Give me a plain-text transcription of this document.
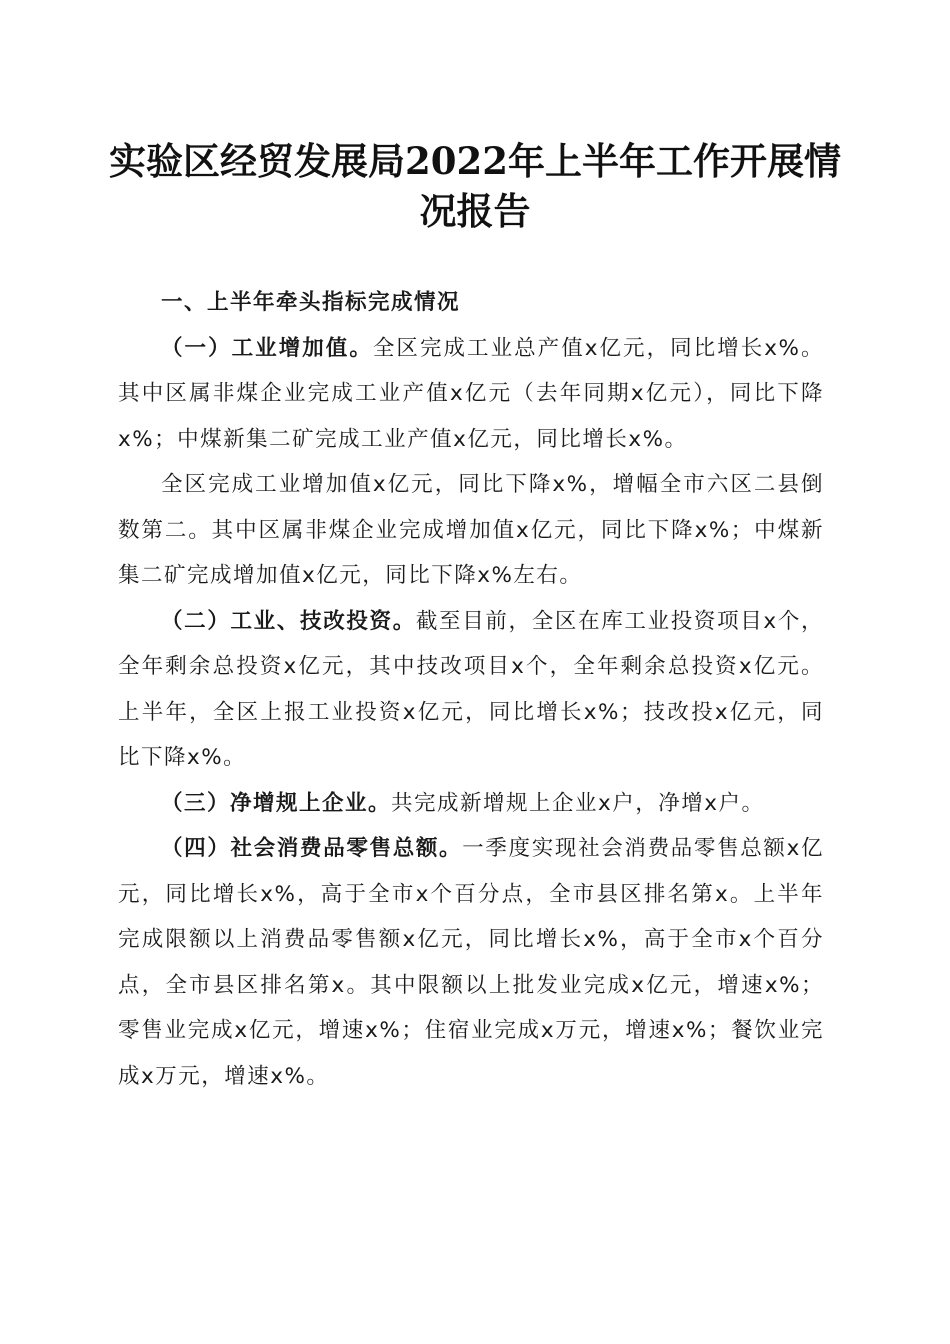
实验区经贸发展局2022年上半年工作开展情况报告
一、上半年牵头指标完成情况

（一）工业增加值。全区完成工业总产值x亿元，同比增长x%。其中区属非煤企业完成工业产值x亿元（去年同期x亿元），同比下降x%；中煤新集二矿完成工业产值x亿元，同比增长x%。

全区完成工业增加值x亿元，同比下降x%，增幅全市六区二县倒数第二。其中区属非煤企业完成增加值x亿元，同比下降x%；中煤新集二矿完成增加值x亿元，同比下降x%左右。

（二）工业、技改投资。截至目前，全区在库工业投资项目x个，全年剩余总投资x亿元，其中技改项目x个，全年剩余总投资x亿元。上半年，全区上报工业投资x亿元，同比增长x%；技改投x亿元，同比下降x%。

（三）净增规上企业。共完成新增规上企业x户，净增x户。

（四）社会消费品零售总额。一季度实现社会消费品零售总额x亿元，同比增长x%，高于全市x个百分点，全市县区排名第x。上半年完成限额以上消费品零售额x亿元，同比增长x%，高于全市x个百分点，全市县区排名第x。其中限额以上批发业完成x亿元，增速x%；零售业完成x亿元，增速x%；住宿业完成x万元，增速x%；餐饮业完成x万元，增速x%。
